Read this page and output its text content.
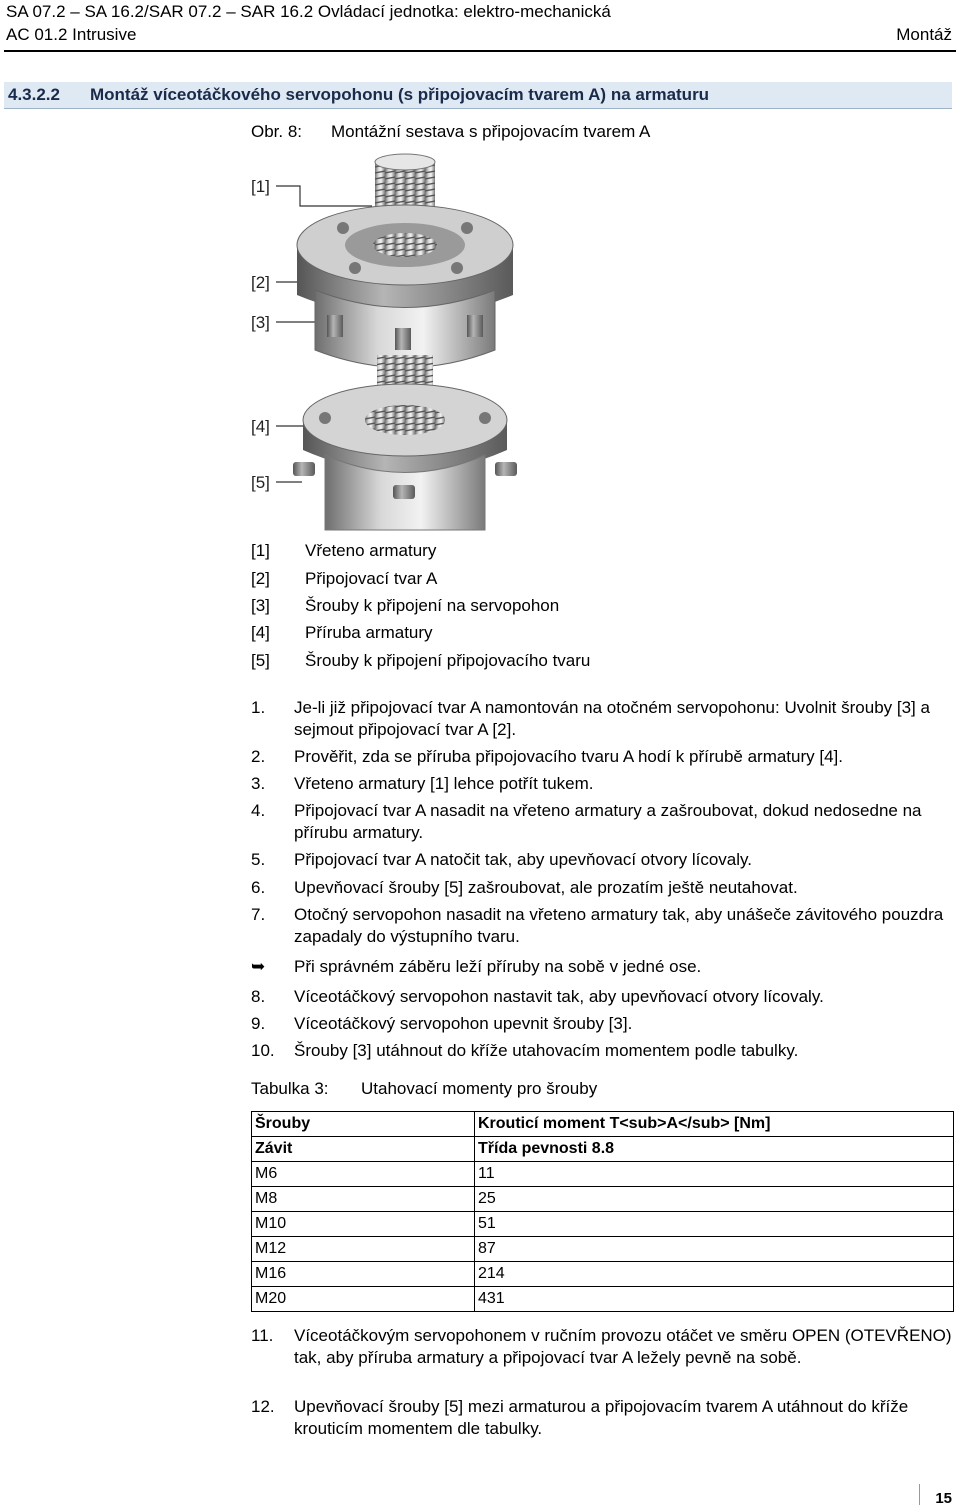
SA 07.2 – SA 16.2/SAR 07.2 – SAR 16.2 Ovládací jednotka: elektro-mechanická
AC 01.2 Intrusive	Montáž
4.3.2.2 Montáž víceotáčkového servopohonu (s připojovacím tvarem A) na armaturu
Obr. 8: Montážní sestava s připojovacím tvarem A
[1]
[2]
[3]
[4]
[5]
[1] Vřeteno armatury
[2] Připojovací tvar A
[3] Šrouby k připojení na servopohon
[4] Příruba armatury
[5] Šrouby k připojení připojovacího tvaru
1. Je-li již připojovací tvar A namontován na otočném servopohonu: Uvolnit šrouby [3] a sejmout připojovací tvar A [2].
2. Prověřit, zda se příruba připojovacího tvaru A hodí k přírubě armatury [4].
3. Vřeteno armatury [1] lehce potřít tukem.
4. Připojovací tvar A nasadit na vřeteno armatury a zašroubovat, dokud nedosedne na přírubu armatury.
5. Připojovací tvar A natočit tak, aby upevňovací otvory lícovaly.
6. Upevňovací šrouby [5] zašroubovat, ale prozatím ještě neutahovat.
7. Otočný servopohon nasadit na vřeteno armatury tak, aby unášeče závitového pouzdra zapadaly do výstupního tvaru.
➥ Při správném záběru leží příruby na sobě v jedné ose.
8. Víceotáčkový servopohon nastavit tak, aby upevňovací otvory lícovaly.
9. Víceotáčkový servopohon upevnit šrouby [3].
10. Šrouby [3] utáhnout do kříže utahovacím momentem podle tabulky.
Tabulka 3: Utahovací momenty pro šrouby
Šrouby	Krouticí moment T<sub>A</sub> [Nm]
Závit	Třída pevnosti 8.8
M6	11
M8	25
M10	51
M12	87
M16	214
M20	431
11. Víceotáčkovým servopohonem v ručním provozu otáčet ve směru OPEN (OTEVŘENO) tak, aby příruba armatury a připojovací tvar A ležely pevně na sobě.
12. Upevňovací šrouby [5] mezi armaturou a připojovacím tvarem A utáhnout do kříže krouticím momentem dle tabulky.
15
